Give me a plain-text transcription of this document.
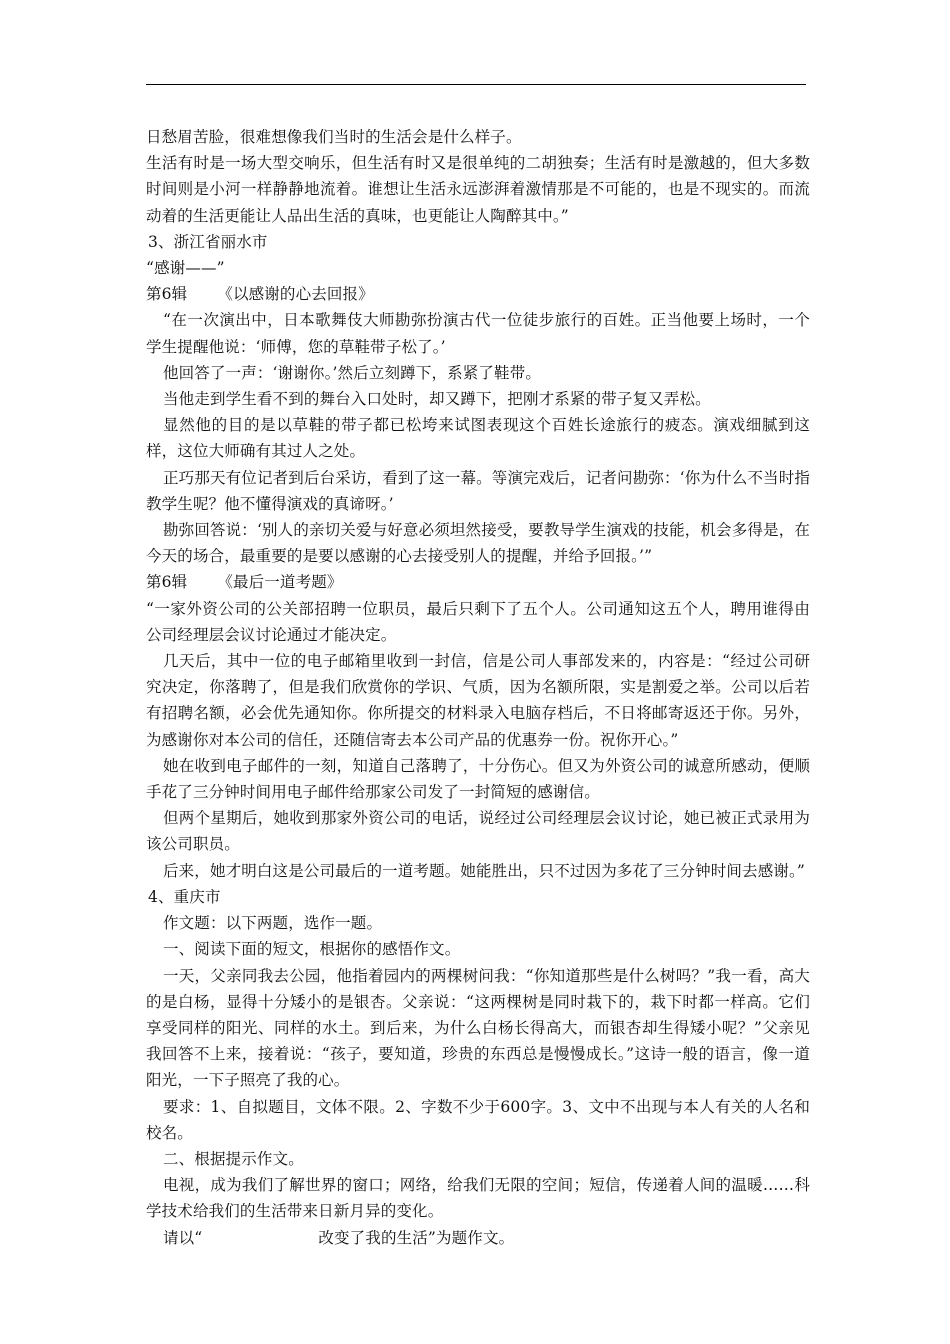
日愁眉苦脸，很难想像我们当时的生活会是什么样子。

生活有时是一场大型交响乐，但生活有时又是很单纯的二胡独奏；生活有时是激越的，但大多数时间则是小河一样静静地流着。谁想让生活永远澎湃着激情那是不可能的，也是不现实的。而流动着的生活更能让人品出生活的真味，也更能让人陶醉其中。”

3、浙江省丽水市

“感谢——”

第6辑 《以感谢的心去回报》

“在一次演出中，日本歌舞伎大师勘弥扮演古代一位徒步旅行的百姓。正当他要上场时，一个学生提醒他说：‘师傅，您的草鞋带子松了。’

他回答了一声：‘谢谢你。’然后立刻蹲下，系紧了鞋带。

当他走到学生看不到的舞台入口处时，却又蹲下，把刚才系紧的带子复又弄松。

显然他的目的是以草鞋的带子都已松垮来试图表现这个百姓长途旅行的疲态。演戏细腻到这样，这位大师确有其过人之处。

正巧那天有位记者到后台采访，看到了这一幕。等演完戏后，记者问勘弥：‘你为什么不当时指教学生呢？他不懂得演戏的真谛呀。’

勘弥回答说：‘别人的亲切关爱与好意必须坦然接受，要教导学生演戏的技能，机会多得是，在今天的场合，最重要的是要以感谢的心去接受别人的提醒，并给予回报。’”

第6辑 《最后一道考题》

“一家外资公司的公关部招聘一位职员，最后只剩下了五个人。公司通知这五个人，聘用谁得由公司经理层会议讨论通过才能决定。

几天后，其中一位的电子邮箱里收到一封信，信是公司人事部发来的，内容是：“经过公司研究决定，你落聘了，但是我们欣赏你的学识、气质，因为名额所限，实是割爱之举。公司以后若有招聘名额，必会优先通知你。你所提交的材料录入电脑存档后，不日将邮寄返还于你。另外，为感谢你对本公司的信任，还随信寄去本公司产品的优惠券一份。祝你开心。”

她在收到电子邮件的一刻，知道自己落聘了，十分伤心。但又为外资公司的诚意所感动，便顺手花了三分钟时间用电子邮件给那家公司发了一封简短的感谢信。

但两个星期后，她收到那家外资公司的电话，说经过公司经理层会议讨论，她已被正式录用为该公司职员。

后来，她才明白这是公司最后的一道考题。她能胜出，只不过因为多花了三分钟时间去感谢。”

4、重庆市

作文题：以下两题，选作一题。

一、阅读下面的短文，根据你的感悟作文。

一天，父亲同我去公园，他指着园内的两棵树问我：“你知道那些是什么树吗？”我一看，高大的是白杨，显得十分矮小的是银杏。父亲说：“这两棵树是同时栽下的，栽下时都一样高。它们享受同样的阳光、同样的水土。到后来，为什么白杨长得高大，而银杏却生得矮小呢？”父亲见我回答不上来，接着说：“孩子，要知道，珍贵的东西总是慢慢成长。”这诗一般的语言，像一道阳光，一下子照亮了我的心。

要求：1、自拟题目，文体不限。2、字数不少于600字。3、文中不出现与本人有关的人名和校名。

二、根据提示作文。

电视，成为我们了解世界的窗口；网络，给我们无限的空间；短信，传递着人间的温暖……科学技术给我们的生活带来日新月异的变化。

请以“	改变了我的生活”为题作文。
